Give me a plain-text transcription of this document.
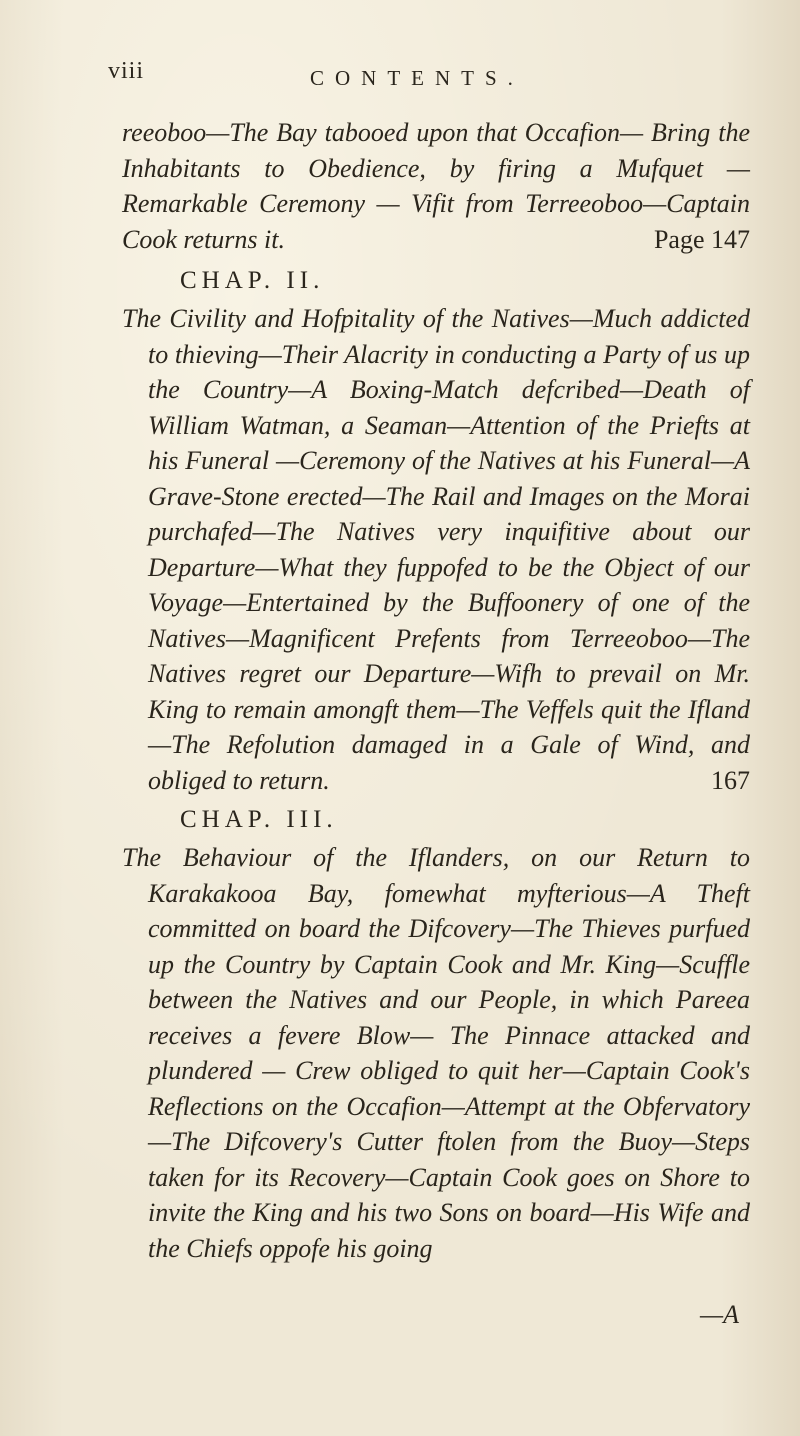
viii	CONTENTS.

reeoboo—The Bay tabooed upon that Occafion— Bring the Inhabitants to Obedience, by firing a Mufquet — Remarkable Ceremony — Vifit from Terreeoboo—Captain Cook returns it.	Page 147

CHAP. II.

The Civility and Hofpitality of the Natives—Much addicted to thieving—Their Alacrity in conducting a Party of us up the Country—A Boxing-Match defcribed—Death of William Watman, a Seaman—Attention of the Priefts at his Funeral —Ceremony of the Natives at his Funeral—A Grave-Stone erected—The Rail and Images on the Morai purchafed—The Natives very inquifitive about our Departure—What they fuppofed to be the Object of our Voyage—Entertained by the Buffoonery of one of the Natives—Magnificent Prefents from Terreeoboo—The Natives regret our Departure—Wifh to prevail on Mr. King to remain amongft them—The Veffels quit the Ifland —The Refolution damaged in a Gale of Wind, and obliged to return.	167

CHAP. III.

The Behaviour of the Iflanders, on our Return to Karakakooa Bay, fomewhat myfterious—A Theft committed on board the Difcovery—The Thieves purfued up the Country by Captain Cook and Mr. King—Scuffle between the Natives and our People, in which Pareea receives a fevere Blow— The Pinnace attacked and plundered — Crew obliged to quit her—Captain Cook's Reflections on the Occafion—Attempt at the Obfervatory—The Difcovery's Cutter ftolen from the Buoy—Steps taken for its Recovery—Captain Cook goes on Shore to invite the King and his two Sons on board—His Wife and the Chiefs oppofe his going

—A
